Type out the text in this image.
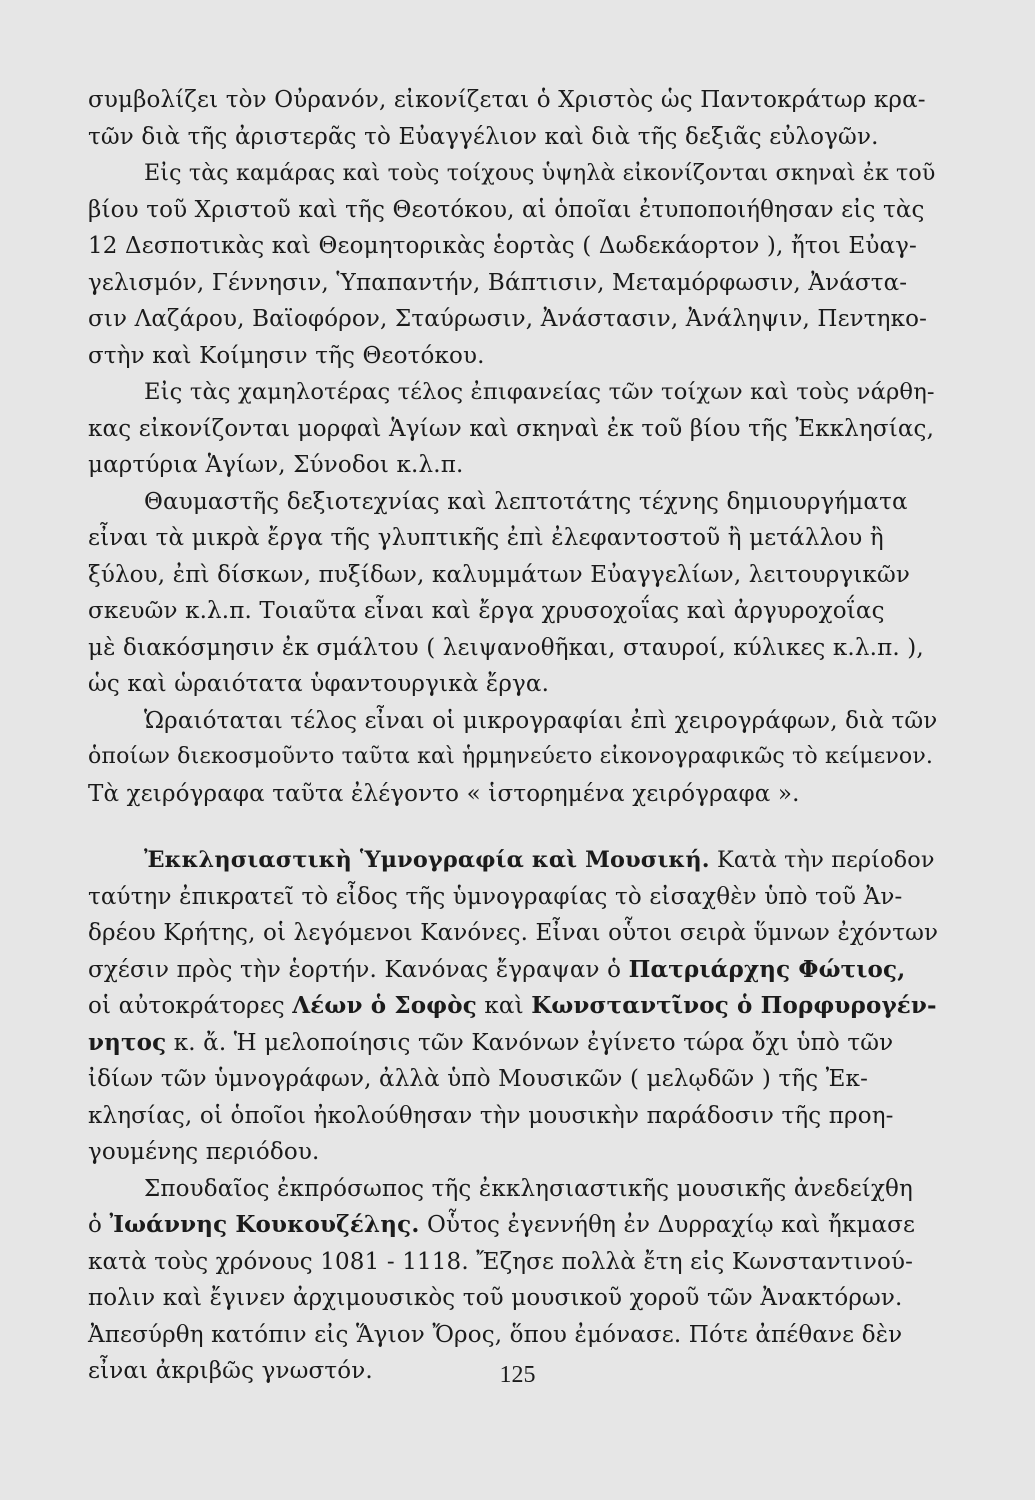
συμβολίζει τὸν Οὐρανόν, εἰκονίζεται ὁ Χριστὸς ὡς Παντοκράτωρ κρα-
τῶν διὰ τῆς ἀριστερᾶς τὸ Εὐαγγέλιον καὶ διὰ τῆς δεξιᾶς εὐλογῶν.
Εἰς τὰς καμάρας καὶ τοὺς τοίχους ὑψηλὰ εἰκονίζονται σκηναὶ ἐκ τοῦ
βίου τοῦ Χριστοῦ καὶ τῆς Θεοτόκου, αἱ ὁποῖαι ἐτυποποιήθησαν εἰς τὰς
12 Δεσποτικὰς καὶ Θεομητορικὰς ἑορτὰς ( Δωδεκάορτον ), ἤτοι Εὐαγ-
γελισμόν, Γέννησιν, Ὑπαπαντήν, Βάπτισιν, Μεταμόρφωσιν, Ἀνάστα-
σιν Λαζάρου, Βαϊοφόρον, Σταύρωσιν, Ἀνάστασιν, Ἀνάληψιν, Πεντηκο-
στὴν καὶ Κοίμησιν τῆς Θεοτόκου.
Εἰς τὰς χαμηλοτέρας τέλος ἐπιφανείας τῶν τοίχων καὶ τοὺς νάρθη-
κας εἰκονίζονται μορφαὶ Ἁγίων καὶ σκηναὶ ἐκ τοῦ βίου τῆς Ἐκκλησίας,
μαρτύρια Ἁγίων, Σύνοδοι κ.λ.π.
Θαυμαστῆς δεξιοτεχνίας καὶ λεπτοτάτης τέχνης δημιουργήματα
εἶναι τὰ μικρὰ ἔργα τῆς γλυπτικῆς ἐπὶ ἐλεφαντοστοῦ ἢ μετάλλου ἢ
ξύλου, ἐπὶ δίσκων, πυξίδων, καλυμμάτων Εὐαγγελίων, λειτουργικῶν
σκευῶν κ.λ.π. Τοιαῦτα εἶναι καὶ ἔργα χρυσοχοΐας καὶ ἀργυροχοΐας
μὲ διακόσμησιν ἐκ σμάλτου ( λειψανοθῆκαι, σταυροί, κύλικες κ.λ.π. ),
ὡς καὶ ὡραιότατα ὑφαντουργικὰ ἔργα.
Ὡραιόταται τέλος εἶναι οἱ μικρογραφίαι ἐπὶ χειρογράφων, διὰ τῶν
ὁποίων διεκοσμοῦντο ταῦτα καὶ ἡρμηνεύετο εἰκονογραφικῶς τὸ κείμενον.
Τὰ χειρόγραφα ταῦτα ἐλέγοντο « ἱστορημένα χειρόγραφα ».
Ἐκκλησιαστικὴ Ὑμνογραφία καὶ Μουσική. Κατὰ τὴν περίοδον
ταύτην ἐπικρατεῖ τὸ εἶδος τῆς ὑμνογραφίας τὸ εἰσαχθὲν ὑπὸ τοῦ Ἀν-
δρέου Κρήτης, οἱ λεγόμενοι Κανόνες. Εἶναι οὗτοι σειρὰ ὕμνων ἐχόντων
σχέσιν πρὸς τὴν ἑορτήν. Κανόνας ἔγραψαν ὁ Πατριάρχης Φώτιος,
οἱ αὐτοκράτορες Λέων ὁ Σοφὸς καὶ Κωνσταντῖνος ὁ Πορφυρογέν-
νητος κ. ἄ. Ἡ μελοποίησις τῶν Κανόνων ἐγίνετο τώρα ὄχι ὑπὸ τῶν
ἰδίων τῶν ὑμνογράφων, ἀλλὰ ὑπὸ Μουσικῶν ( μελῳδῶν ) τῆς Ἐκ-
κλησίας, οἱ ὁποῖοι ἠκολούθησαν τὴν μουσικὴν παράδοσιν τῆς προη-
γουμένης περιόδου.
Σπουδαῖος ἐκπρόσωπος τῆς ἐκκλησιαστικῆς μουσικῆς ἀνεδείχθη
ὁ Ἰωάννης Κουκουζέλης. Οὗτος ἐγεννήθη ἐν Δυρραχίῳ καὶ ἤκμασε
κατὰ τοὺς χρόνους 1081 - 1118. Ἔζησε πολλὰ ἔτη εἰς Κωνσταντινού-
πολιν καὶ ἔγινεν ἀρχιμουσικὸς τοῦ μουσικοῦ χοροῦ τῶν Ἀνακτόρων.
Ἀπεσύρθη κατόπιν εἰς Ἅγιον Ὄρος, ὅπου ἐμόνασε. Πότε ἀπέθανε δὲν
εἶναι ἀκριβῶς γνωστόν.	125
